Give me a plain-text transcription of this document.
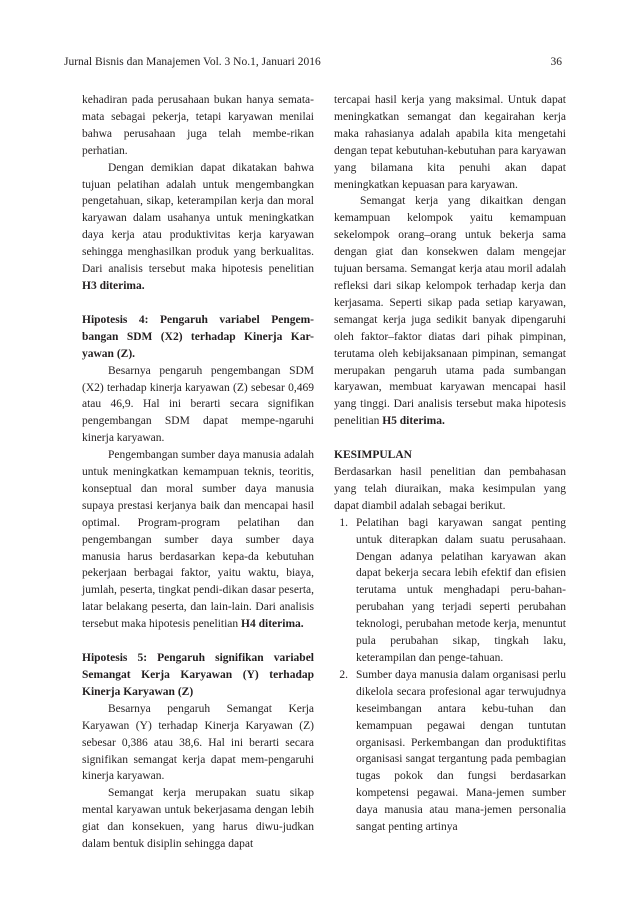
Jurnal Bisnis dan Manajemen Vol. 3 No.1, Januari 2016	36

kehadiran pada perusahaan bukan hanya semata-mata sebagai pekerja, tetapi karyawan menilai bahwa perusahaan juga telah membe-rikan perhatian.

Dengan demikian dapat dikatakan bahwa tujuan pelatihan adalah untuk mengembangkan pengetahuan, sikap, keterampilan kerja dan moral karyawan dalam usahanya untuk meningkatkan daya kerja atau produktivitas kerja karyawan sehingga menghasilkan produk yang berkualitas. Dari analisis tersebut maka hipotesis penelitian H3 diterima.

Hipotesis 4: Pengaruh variabel Pengem-bangan SDM (X2) terhadap Kinerja Kar-yawan (Z).

Besarnya pengaruh pengembangan SDM (X2) terhadap kinerja karyawan (Z) sebesar 0,469 atau 46,9. Hal ini berarti secara signifikan pengembangan SDM dapat mempe-ngaruhi kinerja karyawan.

Pengembangan sumber daya manusia adalah untuk meningkatkan kemampuan teknis, teoritis, konseptual dan moral sumber daya manusia supaya prestasi kerjanya baik dan mencapai hasil optimal. Program-program pelatihan dan pengembangan sumber daya sumber daya manusia harus berdasarkan kepa-da kebutuhan pekerjaan berbagai faktor, yaitu waktu, biaya, jumlah, peserta, tingkat pendi-dikan dasar peserta, latar belakang peserta, dan lain-lain. Dari analisis tersebut maka hipotesis penelitian H4 diterima.

Hipotesis 5: Pengaruh signifikan variabel Semangat Kerja Karyawan (Y) terhadap Kinerja Karyawan (Z)

Besarnya pengaruh Semangat Kerja Karyawan (Y) terhadap Kinerja Karyawan (Z) sebesar 0,386 atau 38,6. Hal ini berarti secara signifikan semangat kerja dapat mem-pengaruhi kinerja karyawan.

Semangat kerja merupakan suatu sikap mental karyawan untuk bekerjasama dengan lebih giat dan konsekuen, yang harus diwu-judkan dalam bentuk disiplin sehingga dapat

tercapai hasil kerja yang maksimal. Untuk dapat meningkatkan semangat dan kegairahan kerja maka rahasianya adalah apabila kita mengetahi dengan tepat kebutuhan-kebutuhan para karyawan yang bilamana kita penuhi akan dapat meningkatkan kepuasan para karyawan.

Semangat kerja yang dikaitkan dengan kemampuan kelompok yaitu kemampuan sekelompok orang–orang untuk bekerja sama dengan giat dan konsekwen dalam mengejar tujuan bersama. Semangat kerja atau moril adalah refleksi dari sikap kelompok terhadap kerja dan kerjasama. Seperti sikap pada setiap karyawan, semangat kerja juga sedikit banyak dipengaruhi oleh faktor–faktor diatas dari pihak pimpinan, terutama oleh kebijaksanaan pimpinan, semangat merupakan pengaruh utama pada sumbangan karyawan, membuat karyawan mencapai hasil yang tinggi. Dari analisis tersebut maka hipotesis penelitian H5 diterima.

KESIMPULAN

Berdasarkan hasil penelitian dan pembahasan yang telah diuraikan, maka kesimpulan yang dapat diambil adalah sebagai berikut.

1. Pelatihan bagi karyawan sangat penting untuk diterapkan dalam suatu perusahaan. Dengan adanya pelatihan karyawan akan dapat bekerja secara lebih efektif dan efisien terutama untuk menghadapi peru-bahan-perubahan yang terjadi seperti perubahan teknologi, perubahan metode kerja, menuntut pula perubahan sikap, tingkah laku, keterampilan dan penge-tahuan.
2. Sumber daya manusia dalam organisasi perlu dikelola secara profesional agar terwujudnya keseimbangan antara kebu-tuhan dan kemampuan pegawai dengan tuntutan organisasi. Perkembangan dan produktifitas organisasi sangat tergantung pada pembagian tugas pokok dan fungsi berdasarkan kompetensi pegawai. Mana-jemen sumber daya manusia atau mana-jemen personalia sangat penting artinya
